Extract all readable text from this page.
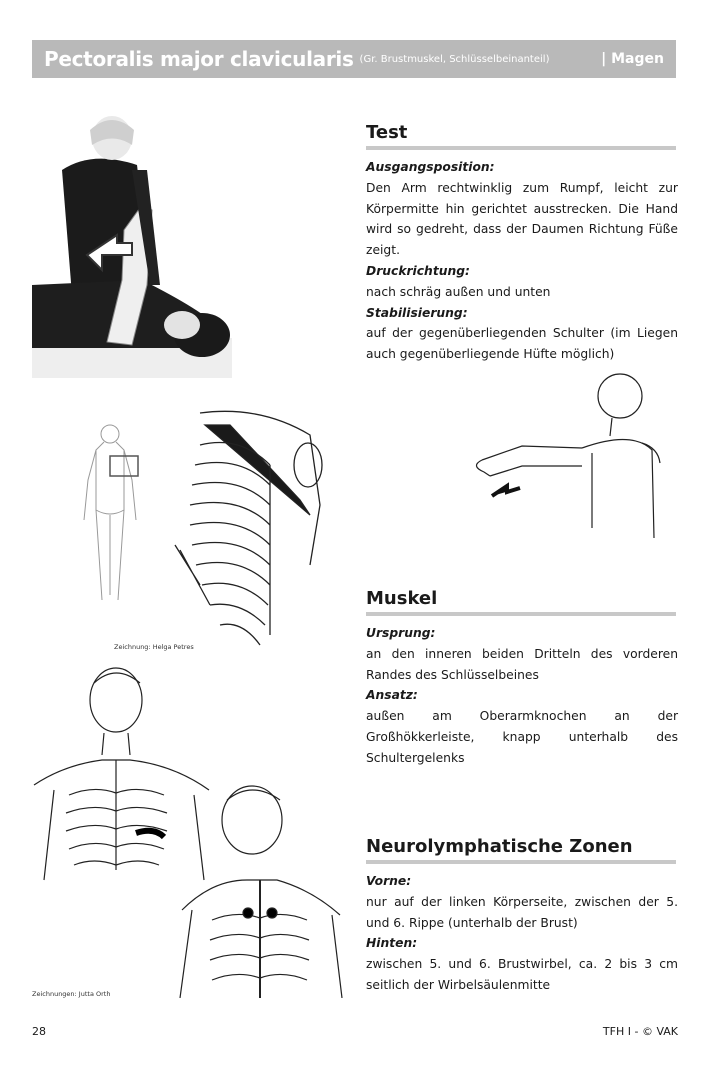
Pectoralis major clavicularis (Gr. Brustmuskel, Schlüsselbeinanteil)	| Magen
Zeichnung: Helga Petres
Zeichnungen: Jutta Orth
Test
Ausgangsposition:
Den Arm rechtwinklig zum Rumpf, leicht zur Körpermitte hin gerichtet ausstrecken. Die Hand wird so gedreht, dass der Daumen Richtung Füße zeigt.
Druckrichtung:
nach schräg außen und unten
Stabilisierung:
auf der gegenüberliegenden Schulter (im Liegen auch gegenüberliegende Hüfte möglich)
Muskel
Ursprung:
an den inneren beiden Dritteln des vorderen Randes des Schlüsselbeines
Ansatz:
außen am Oberarmknochen an der Großhökkerleiste, knapp unterhalb des Schultergelenks
Neurolymphatische Zonen
Vorne:
nur auf der linken Körperseite, zwischen der 5. und 6. Rippe (unterhalb der Brust)
Hinten:
zwischen 5. und 6. Brustwirbel, ca. 2 bis 3 cm seitlich der Wirbelsäulenmitte
28	TFH I - © VAK
